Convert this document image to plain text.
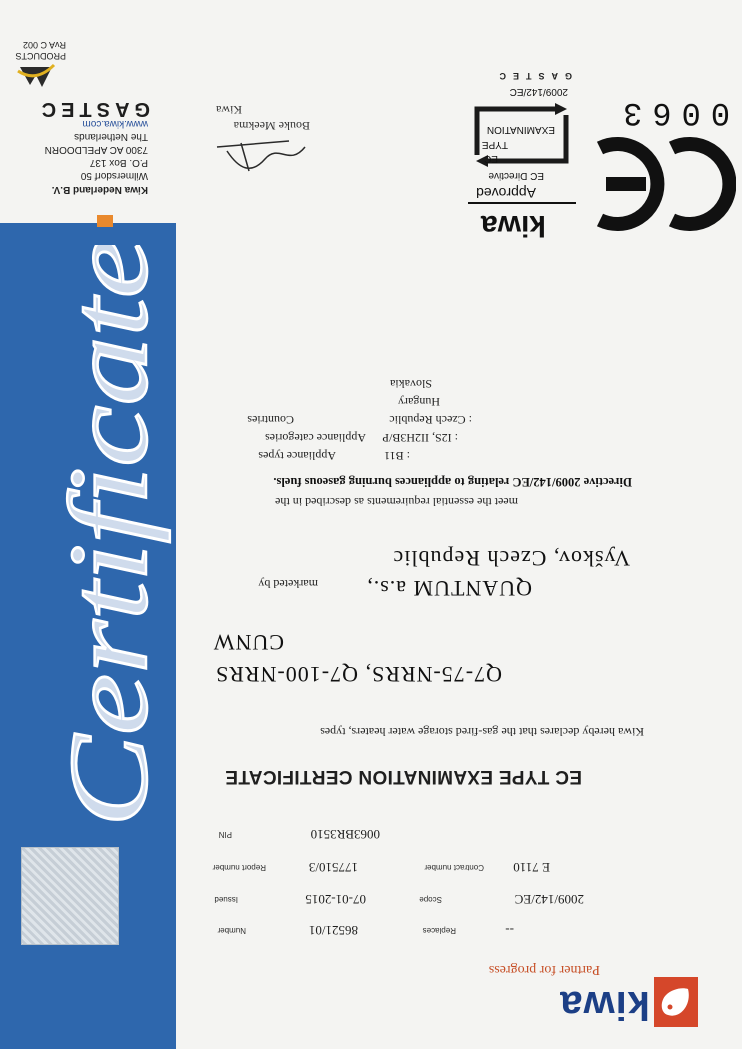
Certificate
Kiwa Nederland B.V.
Wilmersdorf 50
P.O. Box 137
7300 AC APELDOORN
The Netherlands
www.kiwa.com
GASTEC
PRODUCTS
RvA C 002
Bouke Meekma
Kiwa
GASTEC
2009/142/EC
EXAMINATION
TYPE
EC
EC Directive
Approved
kiwa
0063
Kiwa hereby declares that the gas-fired storage water heaters, types
Q7-75-NRRS, Q7-100-NRRS
CUNW
marketed by QUANTUM a.s.,
Vyškov, Czech Republic
meet the essential requirements as described in the
Directive 2009/142/EC relating to appliances burning gaseous fuels.
Appliance types	: B11
Appliance categories : I2S, II2H3B/P
Countries	: Czech Republic
Hungary
Slovakia
EC TYPE EXAMINATION CERTIFICATE
PIN	0063BR3510
Report number	177510/3	Contract number E 7110
Issued	07-01-2015	Scope	2009/142/EC
Number	86521/01	Replaces	--
Partner for progress
kiwa
